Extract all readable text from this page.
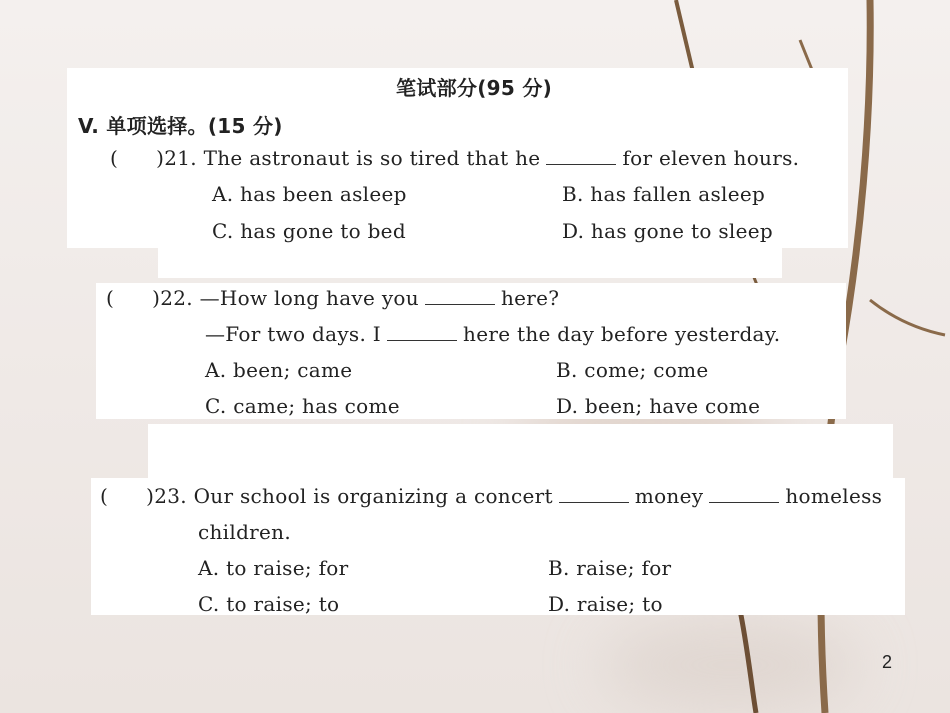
笔试部分(95 分)
V. 单项选择。(15 分)
( )21. The astronaut is so tired that he	for eleven hours.
A. has been asleep	B. has fallen asleep
C. has gone to bed	D. has gone to sleep
( )22. —How long have you	here?
—For two days. I	here the day before yesterday.
A. been; came	B. come; come
C. came; has come	D. been; have come
( )23. Our school is organizing a concert	money	homeless
children.
A. to raise; for	B. raise; for
C. to raise; to	D. raise; to
2
